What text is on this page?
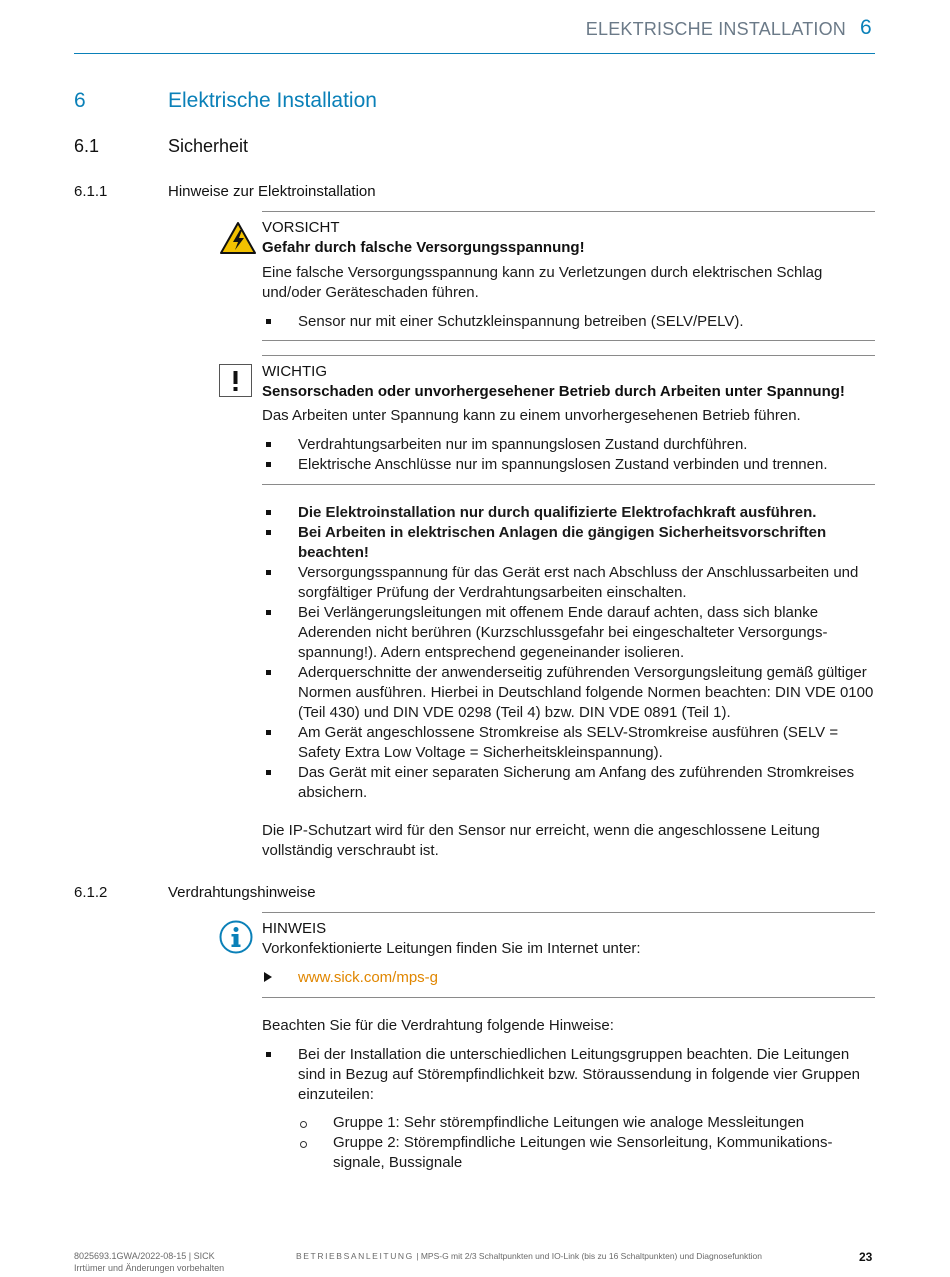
ELEKTRISCHE INSTALLATION 6
6	Elektrische Installation
6.1	Sicherheit
6.1.1	Hinweise zur Elektroinstallation
VORSICHT
Gefahr durch falsche Versorgungsspannung!
Eine falsche Versorgungsspannung kann zu Verletzungen durch elektrischen Schlag und/oder Geräteschaden führen.
Sensor nur mit einer Schutzkleinspannung betreiben (SELV/PELV).
WICHTIG
Sensorschaden oder unvorhergesehener Betrieb durch Arbeiten unter Spannung!
Das Arbeiten unter Spannung kann zu einem unvorhergesehenen Betrieb führen.
Verdrahtungsarbeiten nur im spannungslosen Zustand durchführen.
Elektrische Anschlüsse nur im spannungslosen Zustand verbinden und trennen.
Die Elektroinstallation nur durch qualifizierte Elektrofachkraft ausführen.
Bei Arbeiten in elektrischen Anlagen die gängigen Sicherheitsvorschriften beachten!
Versorgungsspannung für das Gerät erst nach Abschluss der Anschlussarbeiten und sorgfältiger Prüfung der Verdrahtungsarbeiten einschalten.
Bei Verlängerungsleitungen mit offenem Ende darauf achten, dass sich blanke Aderenden nicht berühren (Kurzschlussgefahr bei eingeschalteter Versorgungsspannung!). Adern entsprechend gegeneinander isolieren.
Aderquerschnitte der anwenderseitig zuführenden Versorgungsleitung gemäß gültiger Normen ausführen. Hierbei in Deutschland folgende Normen beachten: DIN VDE 0100 (Teil 430) und DIN VDE 0298 (Teil 4) bzw. DIN VDE 0891 (Teil 1).
Am Gerät angeschlossene Stromkreise als SELV-Stromkreise ausführen (SELV = Safety Extra Low Voltage = Sicherheitskleinspannung).
Das Gerät mit einer separaten Sicherung am Anfang des zuführenden Stromkreises absichern.
Die IP-Schutzart wird für den Sensor nur erreicht, wenn die angeschlossene Leitung vollständig verschraubt ist.
6.1.2	Verdrahtungshinweise
HINWEIS
Vorkonfektionierte Leitungen finden Sie im Internet unter:
www.sick.com/mps-g
Beachten Sie für die Verdrahtung folgende Hinweise:
Bei der Installation die unterschiedlichen Leitungsgruppen beachten. Die Leitungen sind in Bezug auf Störempfindlichkeit bzw. Störaussendung in folgende vier Gruppen einzuteilen:
Gruppe 1: Sehr störempfindliche Leitungen wie analoge Messleitungen
Gruppe 2: Störempfindliche Leitungen wie Sensorleitung, Kommunikationssignale, Bussignale
8025693.1GWA/2022-08-15 | SICK
Irrtümer und Änderungen vorbehalten
BETRIEBSANLEITUNG | MPS-G mit 2/3 Schaltpunkten und IO-Link (bis zu 16 Schaltpunkten) und Diagnosefunktion	23
